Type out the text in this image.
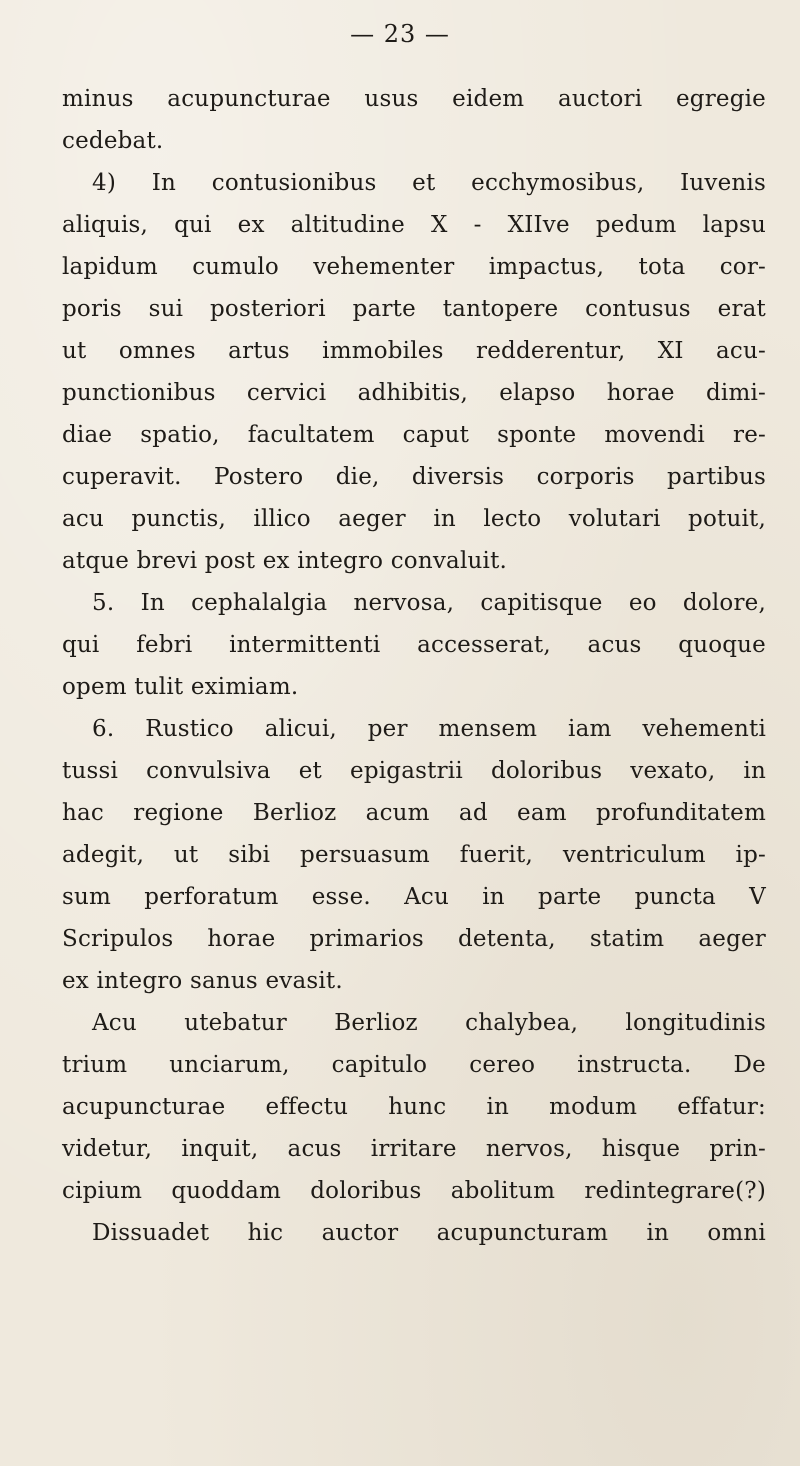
— 23 —
minus acupuncturae usus eidem auctori egregie
cedebat.
4) In contusionibus et ecchymosibus, Iuvenis
aliquis, qui ex altitudine X - XIIve pedum lapsu
lapidum cumulo vehementer impactus, tota cor-
poris sui posteriori parte tantopere contusus erat
ut omnes artus immobiles redderentur, XI acu-
punctionibus cervici adhibitis, elapso horae dimi-
diae spatio, facultatem caput sponte movendi re-
cuperavit. Postero die, diversis corporis partibus
acu punctis, illico aeger in lecto volutari potuit,
atque brevi post ex integro convaluit.
5. In cephalalgia nervosa, capitisque eo dolore,
qui febri intermittenti accesserat, acus quoque
opem tulit eximiam.
6. Rustico alicui, per mensem iam vehementi
tussi convulsiva et epigastrii doloribus vexato, in
hac regione Berlioz acum ad eam profunditatem
adegit, ut sibi persuasum fuerit, ventriculum ip-
sum perforatum esse. Acu in parte puncta V
Scripulos horae primarios detenta, statim aeger
ex integro sanus evasit.
Acu utebatur Berlioz chalybea, longitudinis
trium unciarum, capitulo cereo instructa. De
acupuncturae effectu hunc in modum effatur:
videtur, inquit, acus irritare nervos, hisque prin-
cipium quoddam doloribus abolitum redintegrare(?)
Dissuadet hic auctor acupuncturam in omni
